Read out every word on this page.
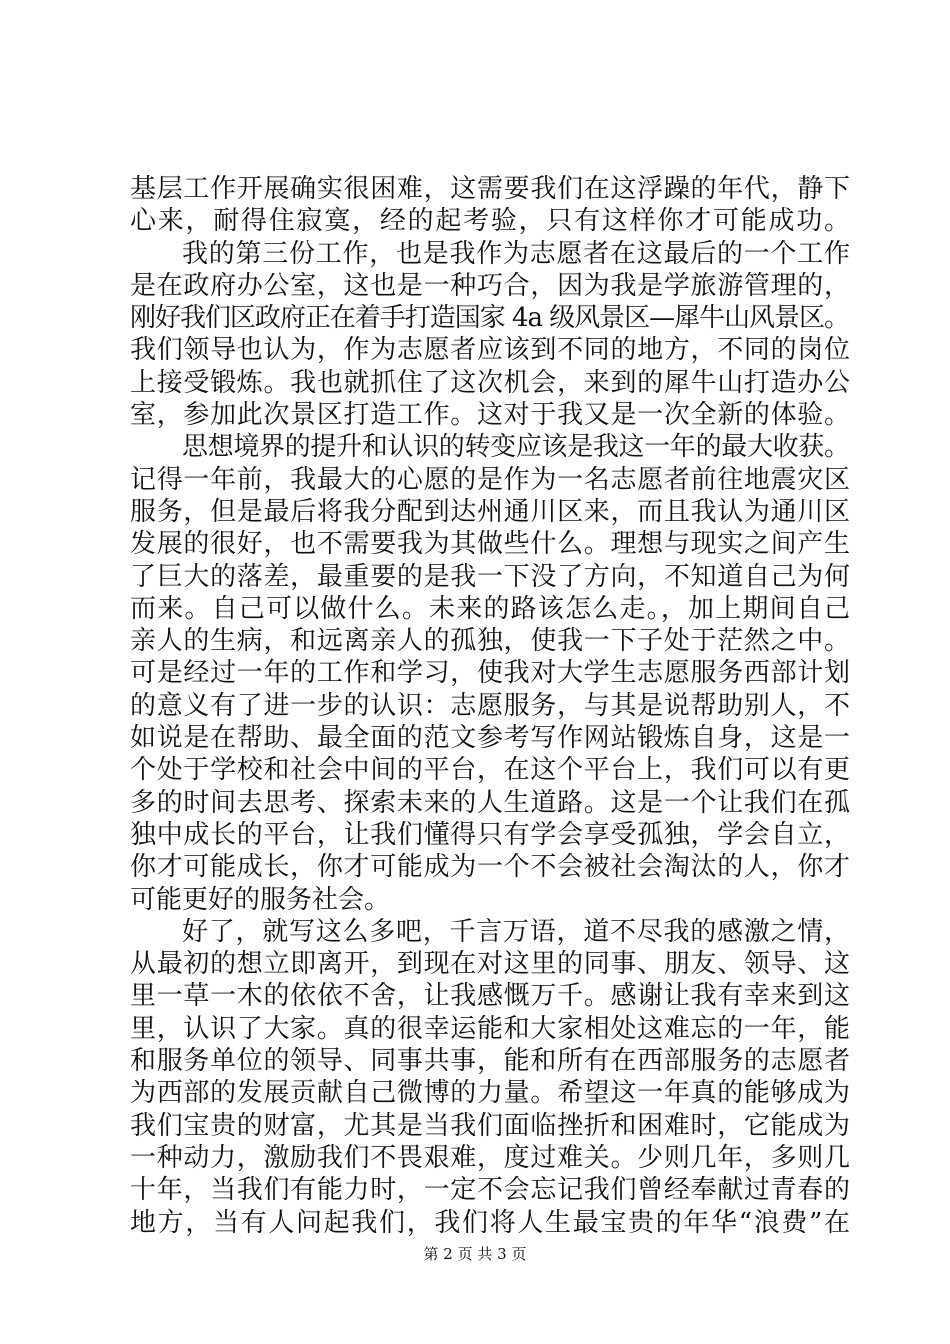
基层工作开展确实很困难，这需要我们在这浮躁的年代，静下
心来，耐得住寂寞，经的起考验，只有这样你才可能成功。
我的第三份工作，也是我作为志愿者在这最后的一个工作
是在政府办公室，这也是一种巧合，因为我是学旅游管理的，
刚好我们区政府正在着手打造国家 4a 级风景区—犀牛山风景区。
我们领导也认为，作为志愿者应该到不同的地方，不同的岗位
上接受锻炼。我也就抓住了这次机会，来到的犀牛山打造办公
室，参加此次景区打造工作。这对于我又是一次全新的体验。
思想境界的提升和认识的转变应该是我这一年的最大收获。
记得一年前，我最大的心愿的是作为一名志愿者前往地震灾区
服务，但是最后将我分配到达州通川区来，而且我认为通川区
发展的很好，也不需要我为其做些什么。理想与现实之间产生
了巨大的落差，最重要的是我一下没了方向，不知道自己为何
而来。自己可以做什么。未来的路该怎么走。，加上期间自己
亲人的生病，和远离亲人的孤独，使我一下子处于茫然之中。
可是经过一年的工作和学习，使我对大学生志愿服务西部计划
的意义有了进一步的认识：志愿服务，与其是说帮助别人，不
如说是在帮助、最全面的范文参考写作网站锻炼自身，这是一
个处于学校和社会中间的平台，在这个平台上，我们可以有更
多的时间去思考、探索未来的人生道路。这是一个让我们在孤
独中成长的平台，让我们懂得只有学会享受孤独，学会自立，
你才可能成长，你才可能成为一个不会被社会淘汰的人，你才
可能更好的服务社会。
好了，就写这么多吧，千言万语，道不尽我的感激之情，
从最初的想立即离开，到现在对这里的同事、朋友、领导、这
里一草一木的依依不舍，让我感慨万千。感谢让我有幸来到这
里，认识了大家。真的很幸运能和大家相处这难忘的一年，能
和服务单位的领导、同事共事，能和所有在西部服务的志愿者
为西部的发展贡献自己微博的力量。希望这一年真的能够成为
我们宝贵的财富，尤其是当我们面临挫折和困难时，它能成为
一种动力，激励我们不畏艰难，度过难关。少则几年，多则几
十年，当我们有能力时，一定不会忘记我们曾经奉献过青春的
地方，当有人问起我们，我们将人生最宝贵的年华“浪费”在
第 2 页 共 3 页
